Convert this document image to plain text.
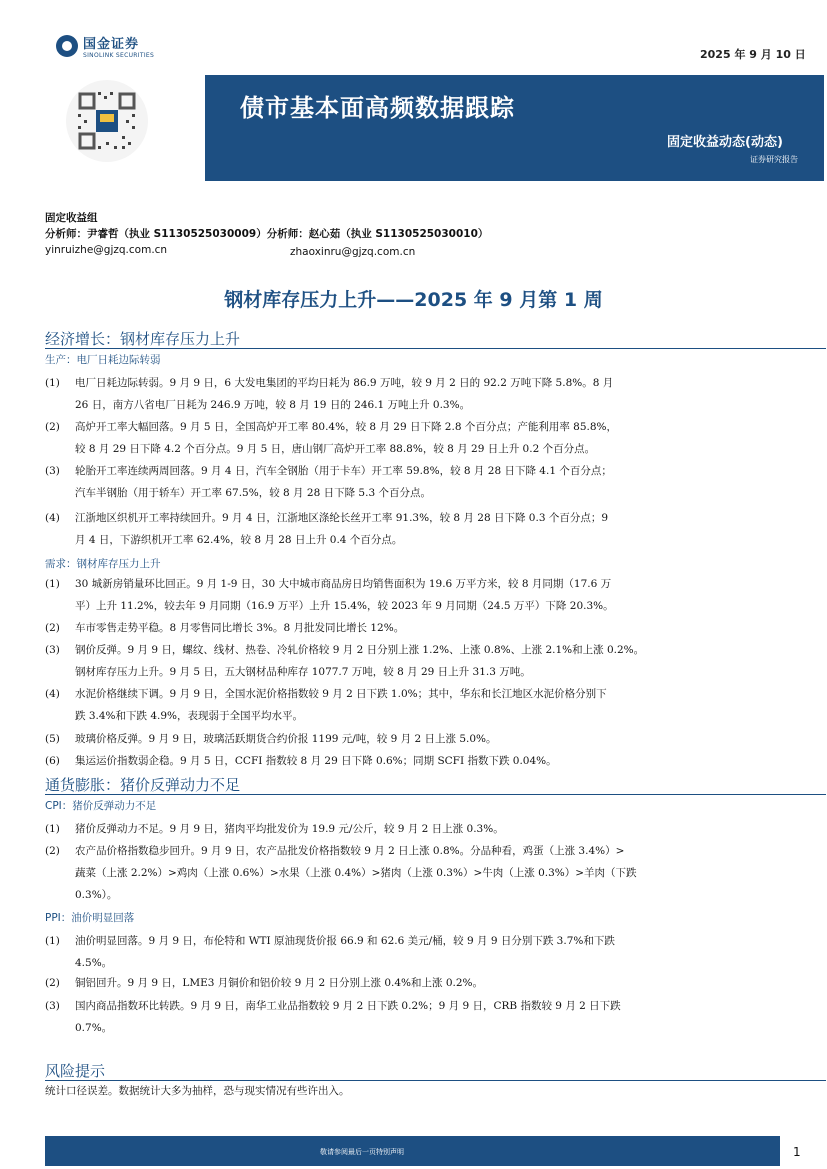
国金证券
SINOLINK SECURITIES	2025 年 9 月 10 日
债市基本面高频数据跟踪
固定收益动态(动态)
证券研究报告
固定收益组
分析师：尹睿哲（执业 S1130525030009）分析师：赵心茹（执业 S1130525030010）
yinruizhe@gjzq.com.cn	zhaoxinru@gjzq.com.cn
钢材库存压力上升——2025 年 9 月第 1 周
经济增长：钢材库存压力上升
生产：电厂日耗边际转弱
(1)	电厂日耗边际转弱。9 月 9 日，6 大发电集团的平均日耗为 86.9 万吨，较 9 月 2 日的 92.2 万吨下降 5.8%。8 月
26 日，南方八省电厂日耗为 246.9 万吨，较 8 月 19 日的 246.1 万吨上升 0.3%。
(2)	高炉开工率大幅回落。9 月 5 日，全国高炉开工率 80.4%，较 8 月 29 日下降 2.8 个百分点；产能利用率 85.8%，
较 8 月 29 日下降 4.2 个百分点。9 月 5 日，唐山钢厂高炉开工率 88.8%，较 8 月 29 日上升 0.2 个百分点。
(3)	轮胎开工率连续两周回落。9 月 4 日，汽车全钢胎（用于卡车）开工率 59.8%，较 8 月 28 日下降 4.1 个百分点；
汽车半钢胎（用于轿车）开工率 67.5%，较 8 月 28 日下降 5.3 个百分点。
(4)	江浙地区织机开工率持续回升。9 月 4 日，江浙地区涤纶长丝开工率 91.3%，较 8 月 28 日下降 0.3 个百分点；9
月 4 日，下游织机开工率 62.4%，较 8 月 28 日上升 0.4 个百分点。
需求：钢材库存压力上升
(1)	30 城新房销量环比回正。9 月 1-9 日，30 大中城市商品房日均销售面积为 19.6 万平方米，较 8 月同期（17.6 万
平）上升 11.2%，较去年 9 月同期（16.9 万平）上升 15.4%，较 2023 年 9 月同期（24.5 万平）下降 20.3%。
(2)	车市零售走势平稳。8 月零售同比增长 3%。8 月批发同比增长 12%。
(3)	钢价反弹。9 月 9 日，螺纹、线材、热卷、冷轧价格较 9 月 2 日分别上涨 1.2%、上涨 0.8%、上涨 2.1%和上涨 0.2%。
钢材库存压力上升。9 月 5 日，五大钢材品种库存 1077.7 万吨，较 8 月 29 日上升 31.3 万吨。
(4)	水泥价格继续下调。9 月 9 日，全国水泥价格指数较 9 月 2 日下跌 1.0%；其中，华东和长江地区水泥价格分别下
跌 3.4%和下跌 4.9%，表现弱于全国平均水平。
(5)	玻璃价格反弹。9 月 9 日，玻璃活跃期货合约价报 1199 元/吨，较 9 月 2 日上涨 5.0%。
(6)	集运运价指数弱企稳。9 月 5 日，CCFI 指数较 8 月 29 日下降 0.6%；同期 SCFI 指数下跌 0.04%。
通货膨胀：猪价反弹动力不足
CPI：猪价反弹动力不足
(1)	猪价反弹动力不足。9 月 9 日，猪肉平均批发价为 19.9 元/公斤，较 9 月 2 日上涨 0.3%。
(2)	农产品价格指数稳步回升。9 月 9 日，农产品批发价格指数较 9 月 2 日上涨 0.8%。分品种看，鸡蛋（上涨 3.4%）>
蔬菜（上涨 2.2%）>鸡肉（上涨 0.6%）>水果（上涨 0.4%）>猪肉（上涨 0.3%）>牛肉（上涨 0.3%）>羊肉（下跌
0.3%）。
PPI：油价明显回落
(1)	油价明显回落。9 月 9 日，布伦特和 WTI 原油现货价报 66.9 和 62.6 美元/桶，较 9 月 9 日分别下跌 3.7%和下跌
4.5%。
(2)	铜铝回升。9 月 9 日，LME3 月铜价和铝价较 9 月 2 日分别上涨 0.4%和上涨 0.2%。
(3)	国内商品指数环比转跌。9 月 9 日，南华工业品指数较 9 月 2 日下跌 0.2%；9 月 9 日，CRB 指数较 9 月 2 日下跌
0.7%。
风险提示
统计口径误差。数据统计大多为抽样，恐与现实情况有些许出入。
敬请参阅最后一页特别声明	1
